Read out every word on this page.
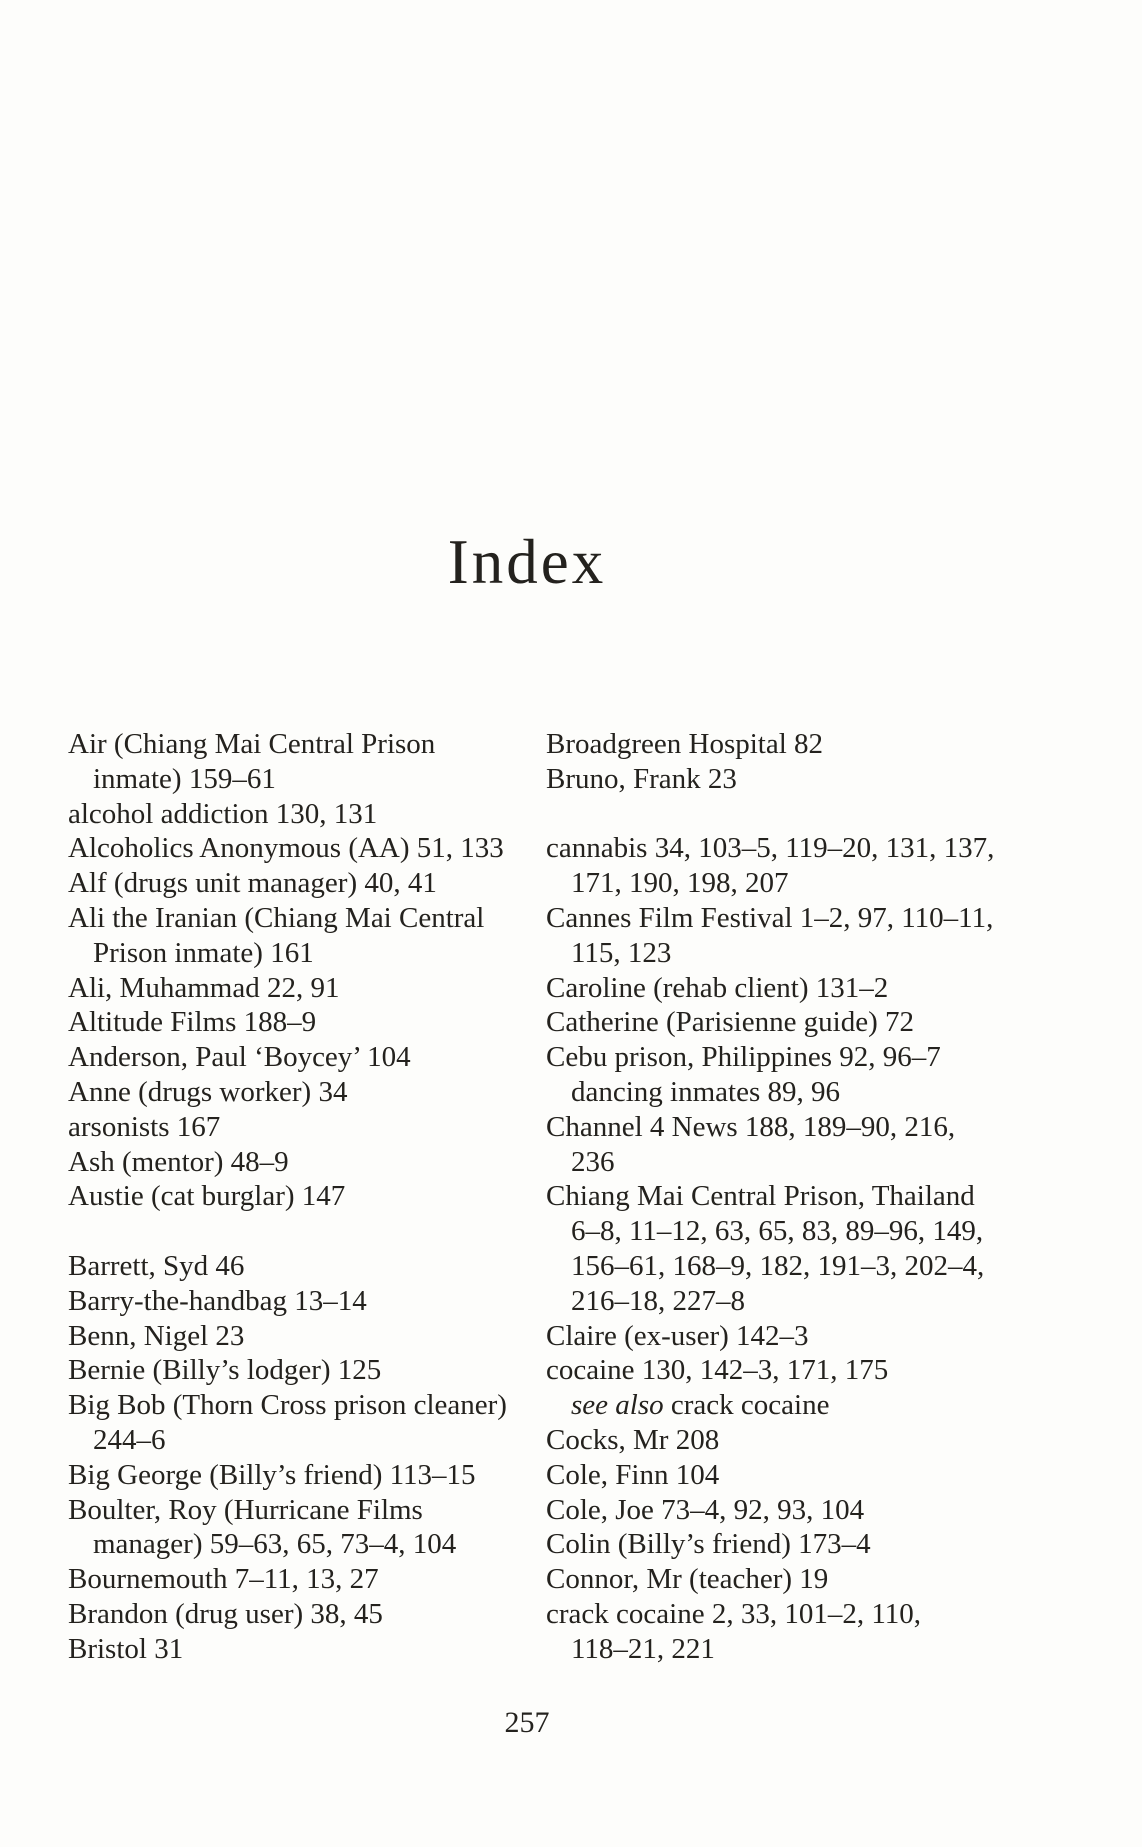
Index
Air (Chiang Mai Central Prison
inmate) 159–61
alcohol addiction 130, 131
Alcoholics Anonymous (AA) 51, 133
Alf (drugs unit manager) 40, 41
Ali the Iranian (Chiang Mai Central
Prison inmate) 161
Ali, Muhammad 22, 91
Altitude Films 188–9
Anderson, Paul ‘Boycey’ 104
Anne (drugs worker) 34
arsonists 167
Ash (mentor) 48–9
Austie (cat burglar) 147
Barrett, Syd 46
Barry-the-handbag 13–14
Benn, Nigel 23
Bernie (Billy’s lodger) 125
Big Bob (Thorn Cross prison cleaner)
244–6
Big George (Billy’s friend) 113–15
Boulter, Roy (Hurricane Films
manager) 59–63, 65, 73–4, 104
Bournemouth 7–11, 13, 27
Brandon (drug user) 38, 45
Bristol 31
Broadgreen Hospital 82
Bruno, Frank 23
cannabis 34, 103–5, 119–20, 131, 137,
171, 190, 198, 207
Cannes Film Festival 1–2, 97, 110–11,
115, 123
Caroline (rehab client) 131–2
Catherine (Parisienne guide) 72
Cebu prison, Philippines 92, 96–7
dancing inmates 89, 96
Channel 4 News 188, 189–90, 216,
236
Chiang Mai Central Prison, Thailand
6–8, 11–12, 63, 65, 83, 89–96, 149,
156–61, 168–9, 182, 191–3, 202–4,
216–18, 227–8
Claire (ex-user) 142–3
cocaine 130, 142–3, 171, 175
see also crack cocaine
Cocks, Mr 208
Cole, Finn 104
Cole, Joe 73–4, 92, 93, 104
Colin (Billy’s friend) 173–4
Connor, Mr (teacher) 19
crack cocaine 2, 33, 101–2, 110,
118–21, 221
257
